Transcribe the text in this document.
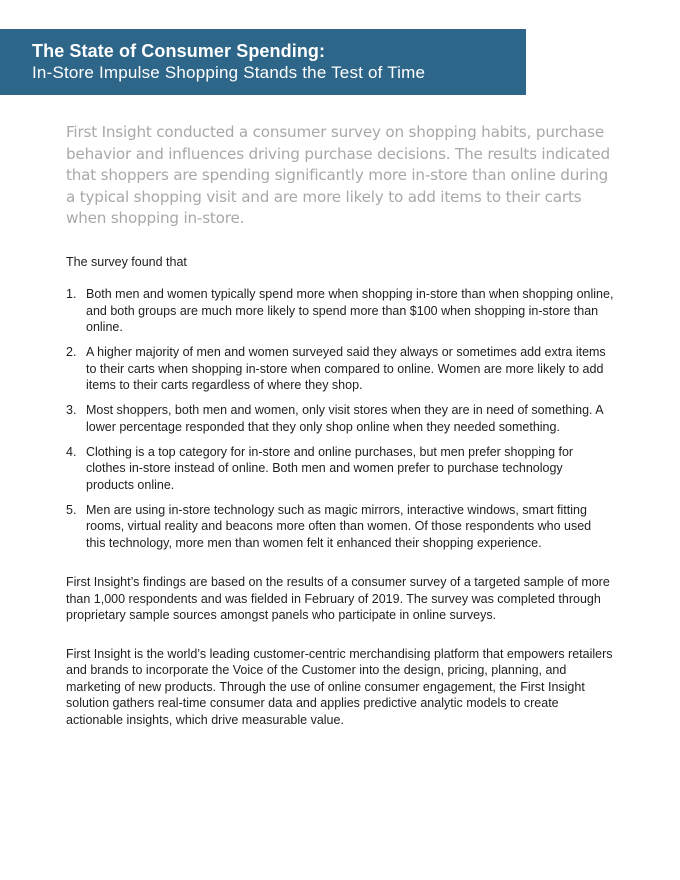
The State of Consumer Spending:
In-Store Impulse Shopping Stands the Test of Time

First Insight conducted a consumer survey on shopping habits, purchase behavior and influences driving purchase decisions. The results indicated that shoppers are spending significantly more in-store than online during a typical shopping visit and are more likely to add items to their carts when shopping in-store.

The survey found that

1. Both men and women typically spend more when shopping in-store than when shopping online, and both groups are much more likely to spend more than $100 when shopping in-store than online.
2. A higher majority of men and women surveyed said they always or sometimes add extra items to their carts when shopping in-store when compared to online. Women are more likely to add items to their carts regardless of where they shop.
3. Most shoppers, both men and women, only visit stores when they are in need of something. A lower percentage responded that they only shop online when they needed something.
4. Clothing is a top category for in-store and online purchases, but men prefer shopping for clothes in-store instead of online. Both men and women prefer to purchase technology products online.
5. Men are using in-store technology such as magic mirrors, interactive windows, smart fitting rooms, virtual reality and beacons more often than women. Of those respondents who used this technology, more men than women felt it enhanced their shopping experience.

First Insight’s findings are based on the results of a consumer survey of a targeted sample of more than 1,000 respondents and was fielded in February of 2019. The survey was completed through proprietary sample sources amongst panels who participate in online surveys.

First Insight is the world’s leading customer-centric merchandising platform that empowers retailers and brands to incorporate the Voice of the Customer into the design, pricing, planning, and marketing of new products. Through the use of online consumer engagement, the First Insight solution gathers real-time consumer data and applies predictive analytic models to create actionable insights, which drive measurable value.
